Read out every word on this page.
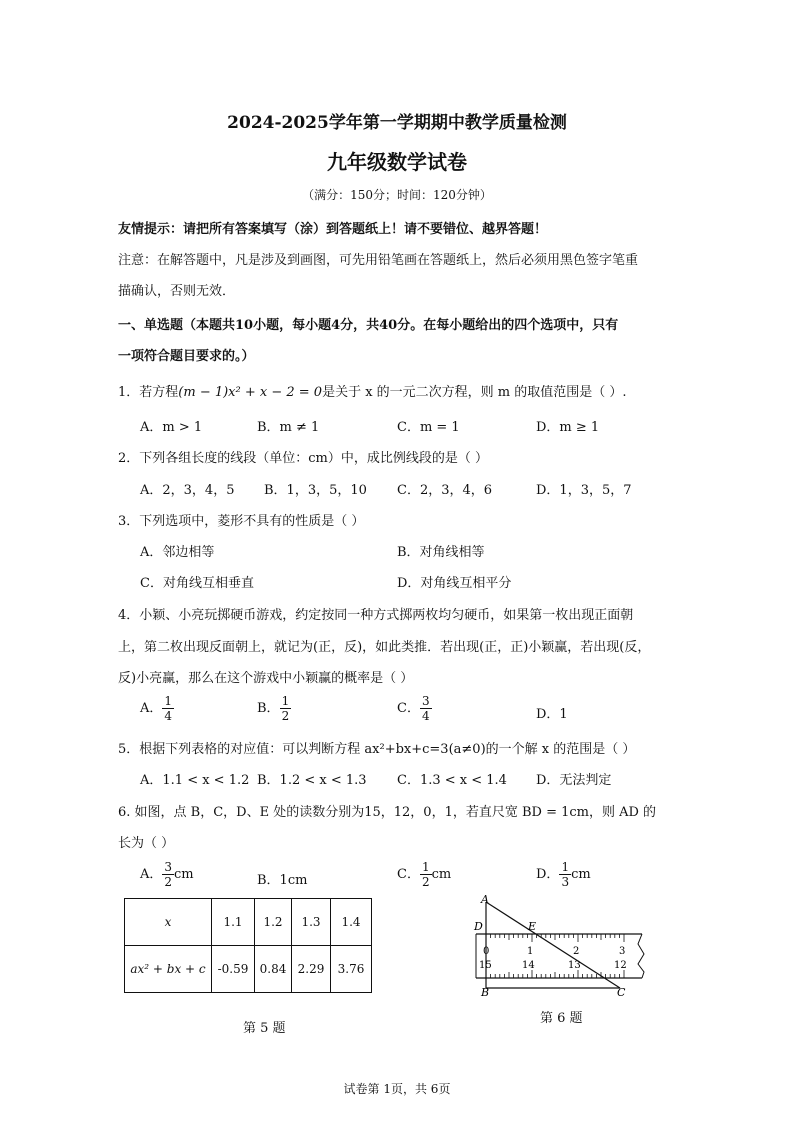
2024-2025学年第一学期期中教学质量检测
九年级数学试卷
（满分：150分；时间：120分钟）
友情提示：请把所有答案填写（涂）到答题纸上！请不要错位、越界答题！
注意：在解答题中，凡是涉及到画图，可先用铅笔画在答题纸上，然后必须用黑色签字笔重
描确认，否则无效．
一、单选题（本题共10小题，每小题4分，共40分。在每小题给出的四个选项中，只有
一项符合题目要求的。）
1．若方程(m − 1)x² + x − 2 = 0是关于 x 的一元二次方程，则 m 的取值范围是（ ）.
A．m > 1	B．m ≠ 1	C．m = 1	D．m ≥ 1
2．下列各组长度的线段（单位：cm）中，成比例线段的是（ ）
A．2，3，4，5 B．1，3，5，10 C．2，3，4，6	D．1，3，5，7
3．下列选项中，菱形不具有的性质是（ ）
A．邻边相等	B．对角线相等
C．对角线互相垂直	D．对角线互相平分
4．小颖、小亮玩掷硬币游戏，约定按同一种方式掷两枚均匀硬币，如果第一枚出现正面朝
上，第二枚出现反面朝上，就记为(正，反)，如此类推．若出现(正，正)小颖赢，若出现(反，
反)小亮赢，那么在这个游戏中小颖赢的概率是（ ）
A． $\frac{1}{4}$	B． $\frac{1}{2}$	C． $\frac{3}{4}$	D．1
5．根据下列表格的对应值：可以判断方程 ax²+bx+c=3(a≠0)的一个解 x 的范围是（ ）
A．1.1 < x < 1.2 B．1.2 < x < 1.3 C．1.3 < x < 1.4 D．无法判定
6. 如图，点 B，C，D、E 处的读数分别为15，12，0，1，若直尺宽 BD = 1cm，则 AD 的
长为（ ）
A． $\frac{3}{2}$ cm	B．1cm	C． $\frac{1}{2}$ cm	D． $\frac{1}{3}$ cm
x	1.1	1.2	1.3	1.4
ax² + bx + c	-0.59	0.84	2.29	3.76
第 5 题
A
D	E
B	C
0	1	2	3
15	14	13	12
第 6 题
试卷第 1页，共 6页
